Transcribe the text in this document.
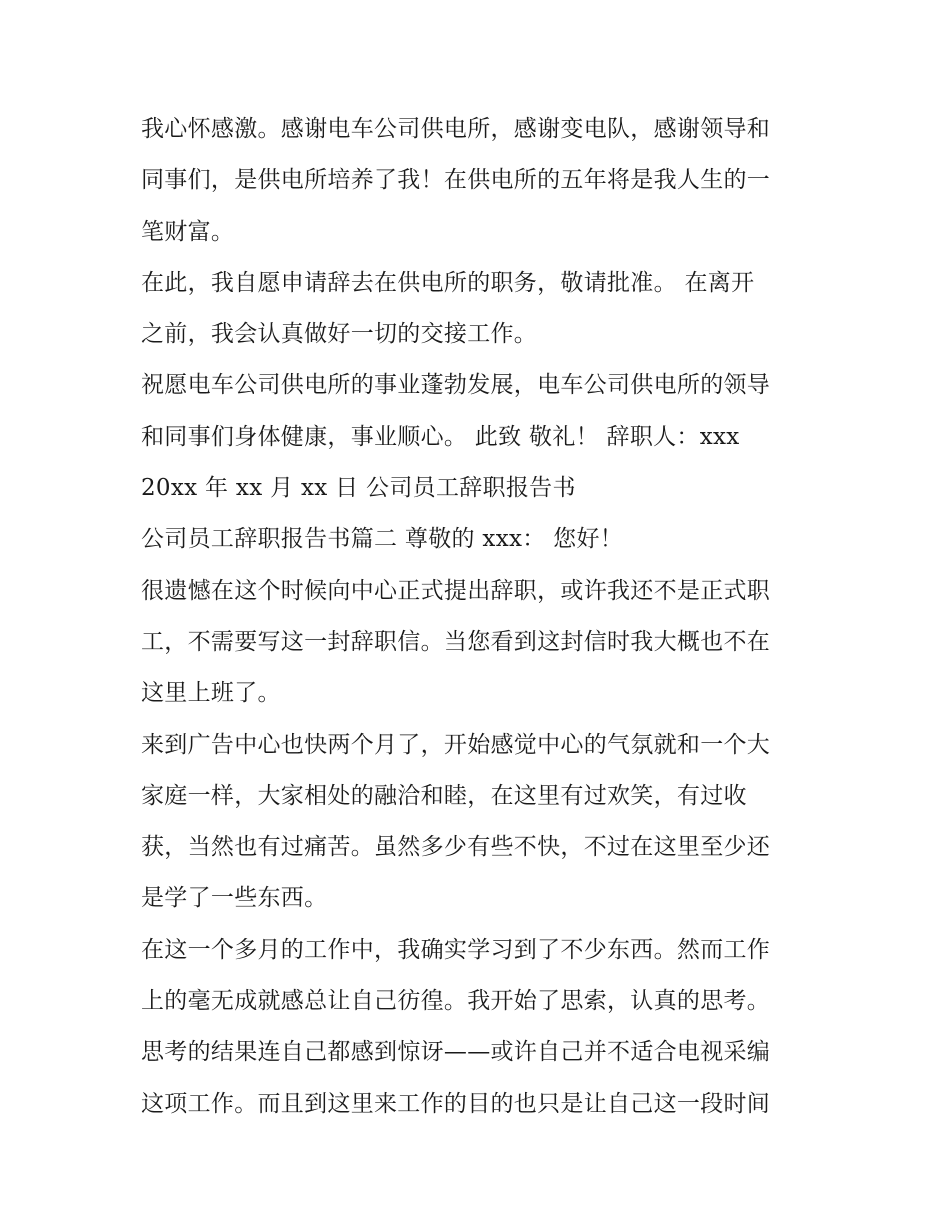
我心怀感激。感谢电车公司供电所，感谢变电队，感谢领导和
同事们，是供电所培养了我！在供电所的五年将是我人生的一
笔财富。
在此，我自愿申请辞去在供电所的职务，敬请批准。 在离开
之前，我会认真做好一切的交接工作。
祝愿电车公司供电所的事业蓬勃发展，电车公司供电所的领导
和同事们身体健康，事业顺心。 此致 敬礼！ 辞职人：xxx
20xx 年 xx 月 xx 日 公司员工辞职报告书
公司员工辞职报告书篇二 尊敬的 xxx： 您好！
很遗憾在这个时候向中心正式提出辞职，或许我还不是正式职
工，不需要写这一封辞职信。当您看到这封信时我大概也不在
这里上班了。
来到广告中心也快两个月了，开始感觉中心的气氛就和一个大
家庭一样，大家相处的融洽和睦，在这里有过欢笑，有过收
获，当然也有过痛苦。虽然多少有些不快，不过在这里至少还
是学了一些东西。
在这一个多月的工作中，我确实学习到了不少东西。然而工作
上的毫无成就感总让自己彷徨。我开始了思索，认真的思考。
思考的结果连自己都感到惊讶——或许自己并不适合电视采编
这项工作。而且到这里来工作的目的也只是让自己这一段时间
